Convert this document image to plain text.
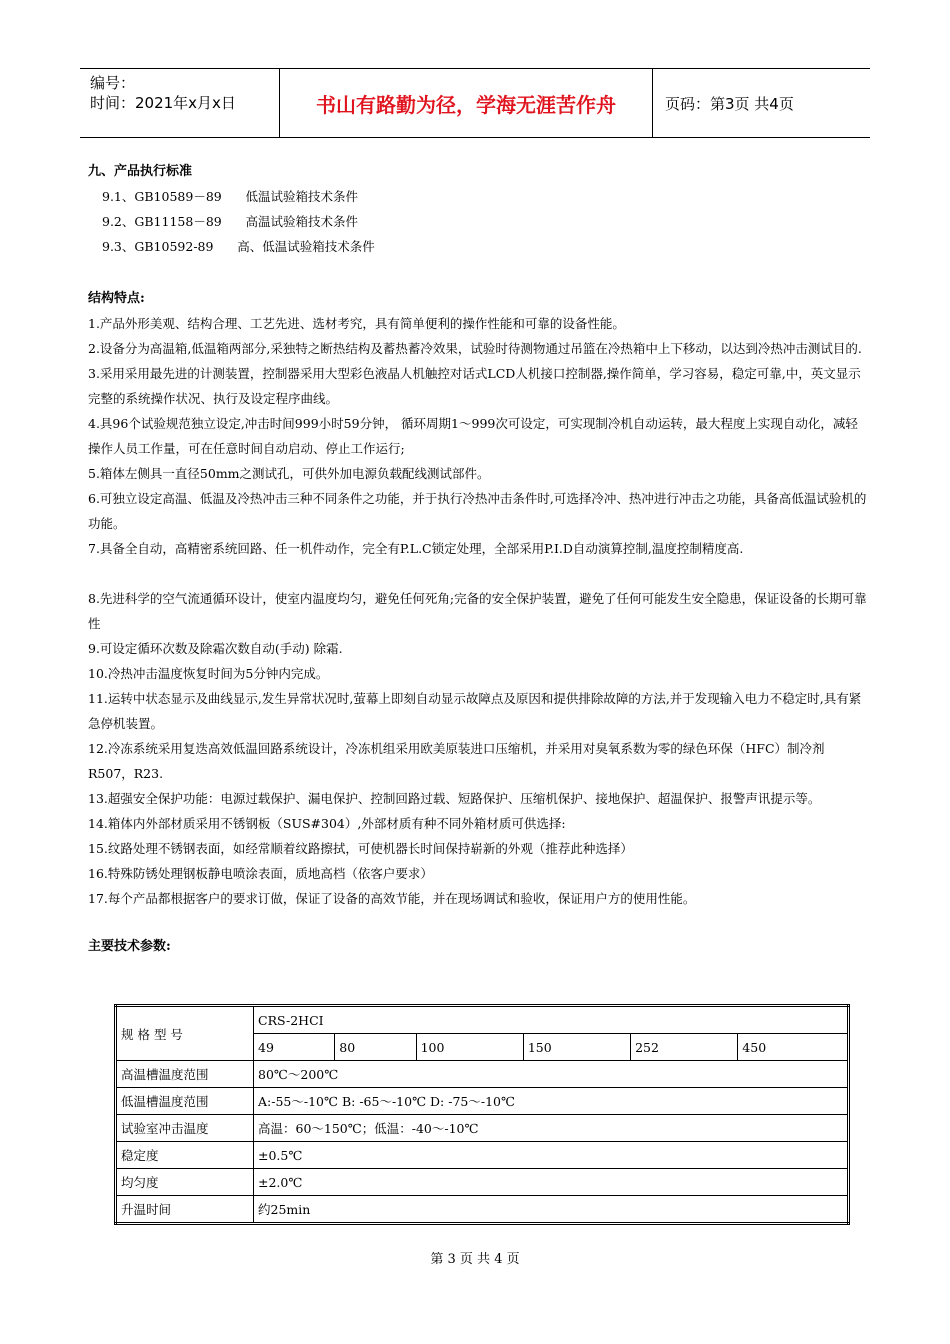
编号：
时间：2021年x月x日	书山有路勤为径，学海无涯苦作舟	页码：第3页 共4页
九、产品执行标准
9.1、GB10589－89      低温试验箱技术条件
9.2、GB11158－89      高温试验箱技术条件
9.3、GB10592-89      高、低温试验箱技术条件
结构特点:

1.产品外形美观、结构合理、工艺先进、选材考究，具有简单便利的操作性能和可靠的设备性能。

2.设备分为高温箱,低温箱两部分,采独特之断热结构及蓄热蓄冷效果，试验时待测物通过吊篮在冷热箱中上下移动，以达到冷热冲击测试目的.

3.采用采用最先进的计测装置，控制器采用大型彩色液晶人机触控对话式LCD人机接口控制器,操作简单，学习容易，稳定可靠,中，英文显示完整的系统操作状况、执行及设定程序曲线。

4.具96个试验规范独立设定,冲击时间999小时59分钟， 循环周期1～999次可设定，可实现制冷机自动运转，最大程度上实现自动化，减轻操作人员工作量，可在任意时间自动启动、停止工作运行;

5.箱体左侧具一直径50mm之测试孔，可供外加电源负载配线测试部件。

6.可独立设定高温、低温及冷热冲击三种不同条件之功能，并于执行冷热冲击条件时,可选择冷冲、热冲进行冲击之功能，具备高低温试验机的功能。

7.具备全自动，高精密系统回路、任一机件动作，完全有P.L.C锁定处理，全部采用P.I.D自动演算控制,温度控制精度高.

8.先进科学的空气流通循环设计，使室内温度均匀，避免任何死角;完备的安全保护装置，避免了任何可能发生安全隐患，保证设备的长期可靠性

9.可设定循环次数及除霜次数自动(手动) 除霜.

10.冷热冲击温度恢复时间为5分钟内完成。

11.运转中状态显示及曲线显示,发生异常状况时,萤幕上即刻自动显示故障点及原因和提供排除故障的方法,并于发现输入电力不稳定时,具有紧急停机装置。

12.冷冻系统采用复迭高效低温回路系统设计，冷冻机组采用欧美原装进口压缩机，并采用对臭氧系数为零的绿色环保（HFC）制冷剂R507，R23.

13.超强安全保护功能：电源过载保护、漏电保护、控制回路过载、短路保护、压缩机保护、接地保护、超温保护、报警声讯提示等。

14.箱体内外部材质采用不锈钢板（SUS#304）,外部材质有种不同外箱材质可供选择:

15.纹路处理不锈钢表面，如经常顺着纹路擦拭，可使机器长时间保持崭新的外观（推荐此种选择）

16.特殊防锈处理钢板静电喷涂表面，质地高档（依客户要求）

17.每个产品都根据客户的要求订做，保证了设备的高效节能，并在现场调试和验收，保证用户方的使用性能。

主要技术参数:
规 格 型 号	CRS-2HCI					
	49	80	100	150	252	450
高温槽温度范围	80℃～200℃					
低温槽温度范围	A:-55～-10℃ B: -65～-10℃ D: -75～-10℃					
试验室冲击温度	高温：60～150℃；低温：-40～-10℃					
稳定度	±0.5℃					
均匀度	±2.0℃					
升温时间	约25min					
第 3 页 共 4 页
